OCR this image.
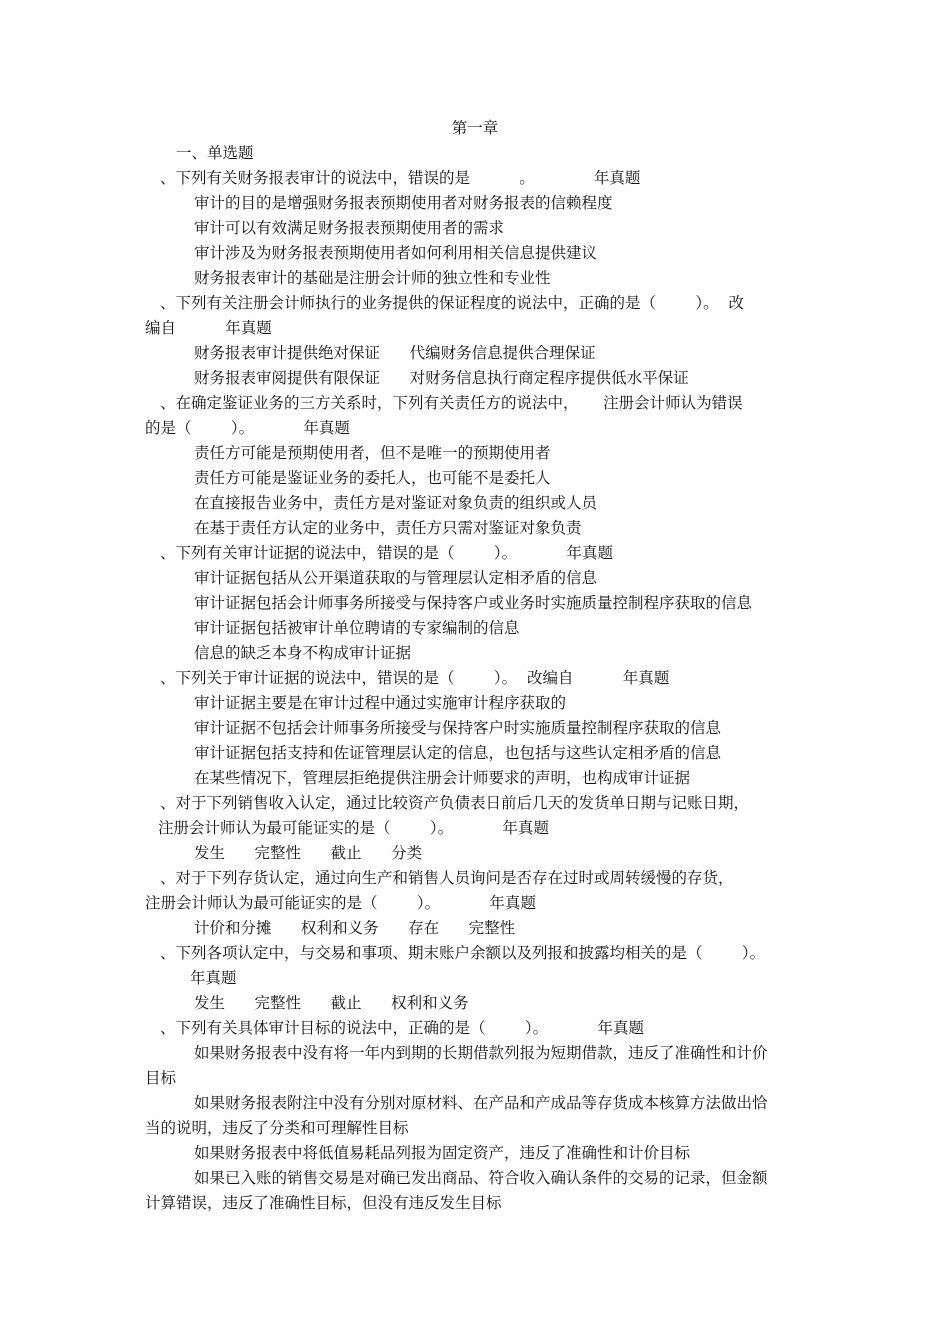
第一章
一、单选题
、下列有关财务报表审计的说法中，错误的是          。            年真题
审计的目的是增强财务报表预期使用者对财务报表的信赖程度
审计可以有效满足财务报表预期使用者的需求
审计涉及为财务报表预期使用者如何利用相关信息提供建议
财务报表审计的基础是注册会计师的独立性和专业性
、下列有关注册会计师执行的业务提供的保证程度的说法中，正确的是（        ）。  改
编自          年真题
财务报表审计提供绝对保证      代编财务信息提供合理保证
财务报表审阅提供有限保证      对财务信息执行商定程序提供低水平保证
、在确定鉴证业务的三方关系时，下列有关责任方的说法中，     注册会计师认为错误
的是（        ）。          年真题
责任方可能是预期使用者，但不是唯一的预期使用者
责任方可能是鉴证业务的委托人，也可能不是委托人
在直接报告业务中，责任方是对鉴证对象负责的组织或人员
在基于责任方认定的业务中，责任方只需对鉴证对象负责
、下列有关审计证据的说法中，错误的是（        ）。          年真题
审计证据包括从公开渠道获取的与管理层认定相矛盾的信息
审计证据包括会计师事务所接受与保持客户或业务时实施质量控制程序获取的信息
审计证据包括被审计单位聘请的专家编制的信息
信息的缺乏本身不构成审计证据
、下列关于审计证据的说法中，错误的是（        ）。  改编自          年真题
审计证据主要是在审计过程中通过实施审计程序获取的
审计证据不包括会计师事务所接受与保持客户时实施质量控制程序获取的信息
审计证据包括支持和佐证管理层认定的信息，也包括与这些认定相矛盾的信息
在某些情况下，管理层拒绝提供注册会计师要求的声明，也构成审计证据
、对于下列销售收入认定，通过比较资产负债表日前后几天的发货单日期与记账日期，
注册会计师认为最可能证实的是（        ）。          年真题
发生      完整性      截止      分类
、对于下列存货认定，通过向生产和销售人员询问是否存在过时或周转缓慢的存货，
注册会计师认为最可能证实的是（        ）。          年真题
计价和分摊      权利和义务      存在      完整性
、下列各项认定中，与交易和事项、期末账户余额以及列报和披露均相关的是（        ）。
年真题
发生      完整性      截止      权利和义务
、下列有关具体审计目标的说法中，正确的是（        ）。          年真题
如果财务报表中没有将一年内到期的长期借款列报为短期借款，违反了准确性和计价
目标
如果财务报表附注中没有分别对原材料、在产品和产成品等存货成本核算方法做出恰
当的说明，违反了分类和可理解性目标
如果财务报表中将低值易耗品列报为固定资产，违反了准确性和计价目标
如果已入账的销售交易是对确已发出商品、符合收入确认条件的交易的记录，但金额
计算错误，违反了准确性目标，但没有违反发生目标
